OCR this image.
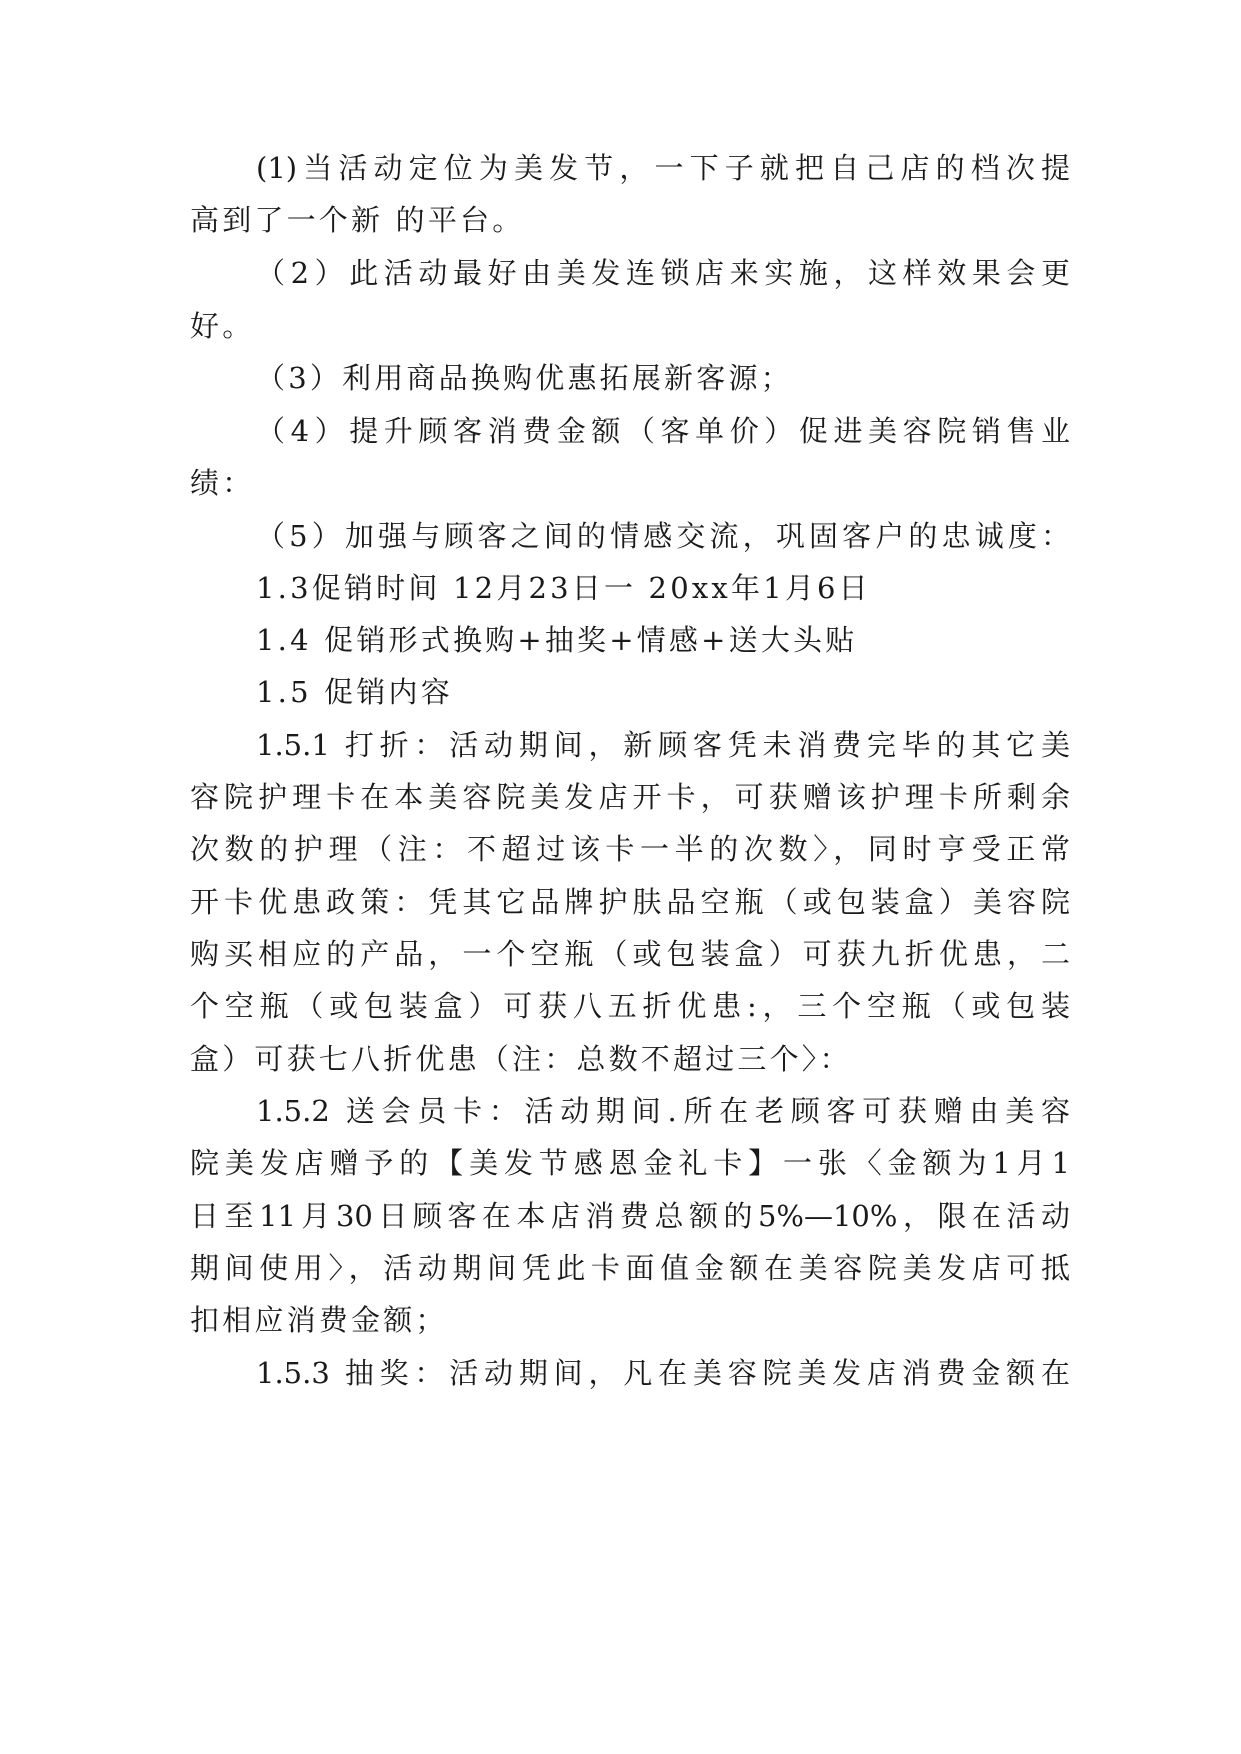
(1)当活动定位为美发节，一下子就把自己店的档次提
高到了一个新 的平台。
（2）此活动最好由美发连锁店来实施，这样效果会更
好。
（3）利用商品换购优惠拓展新客源；
（4）提升顾客消费金额（客单价）促进美容院销售业
绩：
（5）加强与顾客之间的情感交流，巩固客户的忠诚度：
1.3促销时间 12月23日一 20xx年1月6日
1.4 促销形式换购+抽奖+情感+送大头贴
1.5 促销内容
1.5.1 打折：活动期间，新顾客凭未消费完毕的其它美
容院护理卡在本美容院美发店开卡，可获赠该护理卡所剩余
次数的护理（注：不超过该卡一半的次数〉，同时亨受正常
开卡优患政策：凭其它品牌护肤品空瓶（或包装盒）美容院
购买相应的产品，一个空瓶（或包装盒）可获九折优患，二
个空瓶（或包装盒）可获八五折优患:，三个空瓶（或包装
盒）可获七八折优患（注：总数不超过三个〉：
1.5.2 送会员卡：活动期间.所在老顾客可获赠由美容
院美发店赠予的【美发节感恩金礼卡】一张〈金额为1月1
日至11月30日顾客在本店消费总额的5%—10%，限在活动
期间使用〉，活动期间凭此卡面值金额在美容院美发店可抵
扣相应消费金额；
1.5.3 抽奖：活动期间，凡在美容院美发店消费金额在
